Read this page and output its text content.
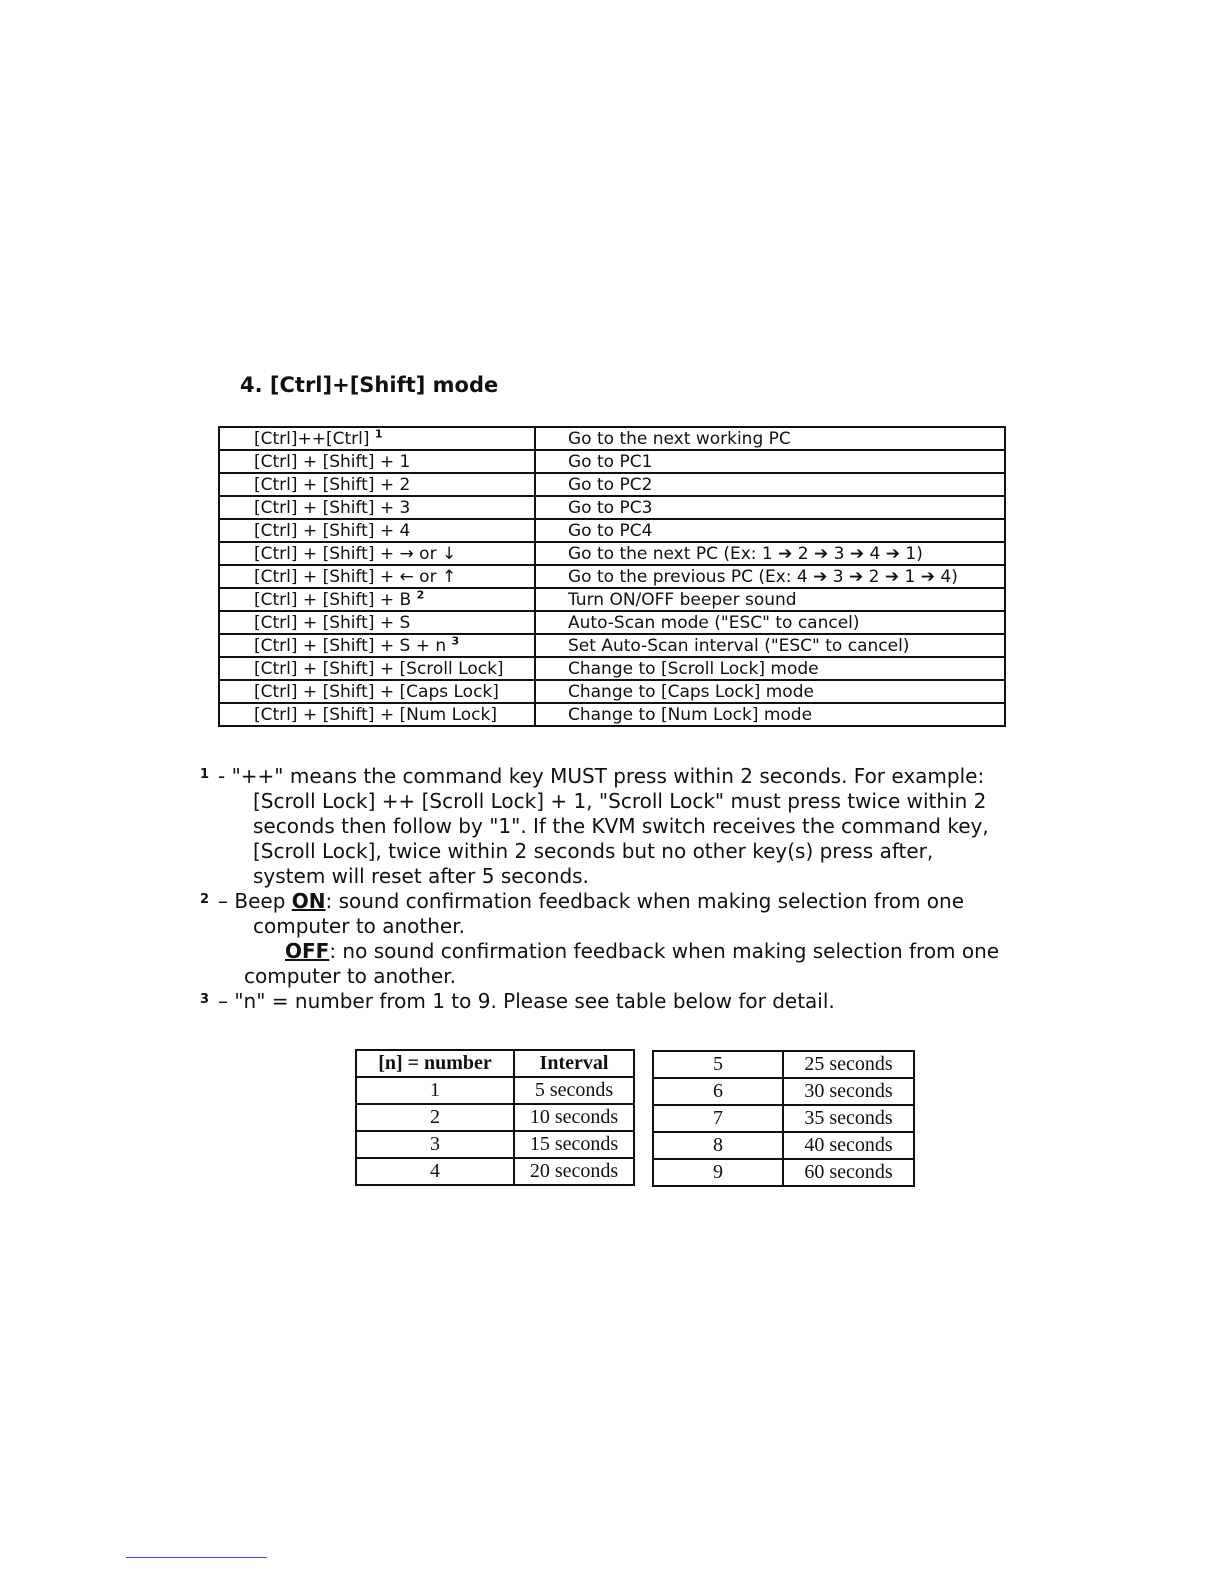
4. [Ctrl]+[Shift] mode
[Ctrl]++[Ctrl] $^1$	Go to the next working PC
[Ctrl] + [Shift] + 1	Go to PC1
[Ctrl] + [Shift] + 2	Go to PC2
[Ctrl] + [Shift] + 3	Go to PC3
[Ctrl] + [Shift] + 4	Go to PC4
[Ctrl] + [Shift] + → or ↓	Go to the next PC (Ex: 1 ➔ 2 ➔ 3 ➔ 4 ➔ 1)
[Ctrl] + [Shift] + ← or ↑	Go to the previous PC (Ex: 4 ➔ 3 ➔ 2 ➔ 1 ➔ 4)
[Ctrl] + [Shift] + B $^2$	Turn ON/OFF beeper sound
[Ctrl] + [Shift] + S	Auto-Scan mode ("ESC" to cancel)
[Ctrl] + [Shift] + S + n $^3$	Set Auto-Scan interval ("ESC" to cancel)
[Ctrl] + [Shift] + [Scroll Lock]	Change to [Scroll Lock] mode
[Ctrl] + [Shift] + [Caps Lock]	Change to [Caps Lock] mode
[Ctrl] + [Shift] + [Num Lock]	Change to [Num Lock] mode
1 - "++" means the command key MUST press within 2 seconds. For example:
[Scroll Lock] ++ [Scroll Lock] + 1, "Scroll Lock" must press twice within 2
seconds then follow by "1". If the KVM switch receives the command key,
[Scroll Lock], twice within 2 seconds but no other key(s) press after,
system will reset after 5 seconds.
2 – Beep ON: sound confirmation feedback when making selection from one
computer to another.
OFF: no sound confirmation feedback when making selection from one
computer to another.
3 – "n" = number from 1 to 9. Please see table below for detail.
[n] = number	Interval
1	5 seconds
2	10 seconds
3	15 seconds
4	20 seconds
5	25 seconds
6	30 seconds
7	35 seconds
8	40 seconds
9	60 seconds
